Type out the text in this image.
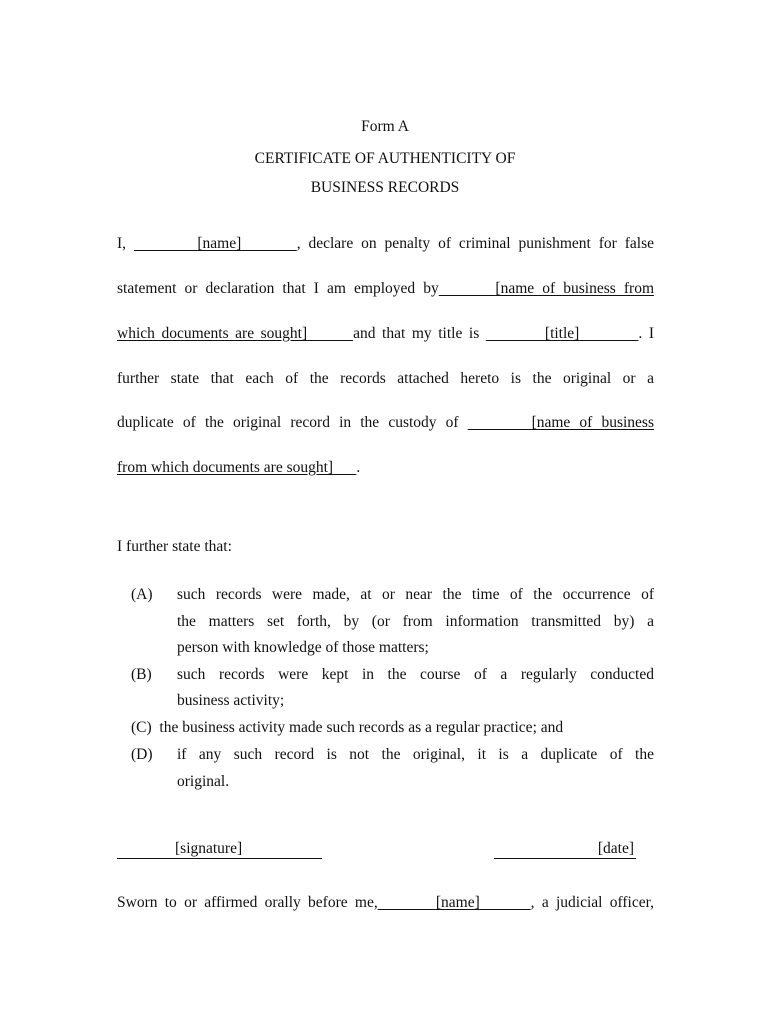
Form A
CERTIFICATE OF AUTHENTICITY OF
BUSINESS RECORDS
I,	[name]	, declare on penalty of criminal punishment for false
statement or declaration that I am employed by	[name of business from
which documents are sought]	and that my title is	[title]	. I
further state that each of the records attached hereto is the original or a
duplicate of the original record in the custody of	[name of business
from which documents are sought] .
I further state that:
(A) such records were made, at or near the time of the occurrence of
the matters set forth, by (or from information transmitted by) a
person with knowledge of those matters;
(B) such records were kept in the course of a regularly conducted
business activity;
(C) the business activity made such records as a regular practice; and
(D) if any such record is not the original, it is a duplicate of the
original.
[signature]	[date]
Sworn to or affirmed orally before me,	[name]	, a judicial officer,
